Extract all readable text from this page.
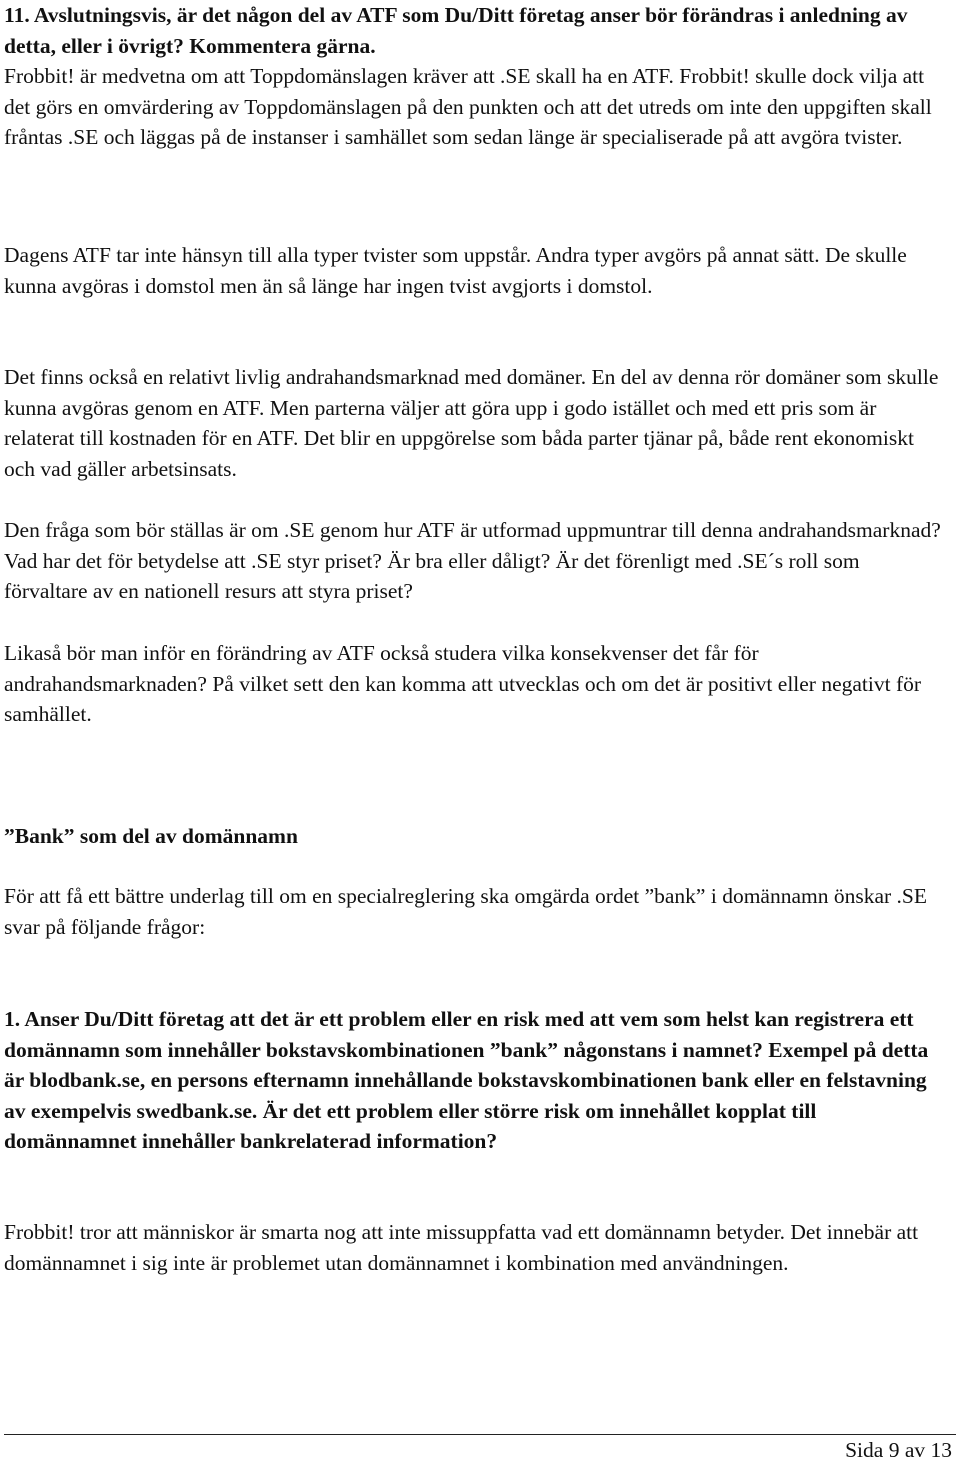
11. Avslutningsvis, är det någon del av ATF som Du/Ditt företag anser bör förändras i anledning av detta, eller i övrigt? Kommentera gärna.

Frobbit! är medvetna om att Toppdomänslagen kräver att .SE skall ha en ATF. Frobbit! skulle dock vilja att det görs en omvärdering av Toppdomänslagen på den punkten och att det utreds om inte den uppgiften skall fråntas .SE och läggas på de instanser i samhället som sedan länge är specialiserade på att avgöra tvister.

Dagens ATF tar inte hänsyn till alla typer tvister som uppstår. Andra typer avgörs på annat sätt. De skulle kunna avgöras i domstol men än så länge har ingen tvist avgjorts i domstol.

Det finns också en relativt livlig andrahandsmarknad med domäner. En del av denna rör domäner som skulle kunna avgöras genom en ATF. Men parterna väljer att göra upp i godo istället och med ett pris som är relaterat till kostnaden för en ATF. Det blir en uppgörelse som båda parter tjänar på, både rent ekonomiskt och vad gäller arbetsinsats.

Den fråga som bör ställas är om .SE genom hur ATF är utformad uppmuntrar till denna andrahandsmarknad? Vad har det för betydelse att .SE styr priset? Är bra eller dåligt? Är det förenligt med .SE´s roll som förvaltare av en nationell resurs att styra priset?

Likaså bör man inför en förändring av ATF också studera vilka konsekvenser det får för andrahandsmarknaden? På vilket sett den kan komma att utvecklas och om det är positivt eller negativt för samhället.

”Bank” som del av domännamn

För att få ett bättre underlag till om en specialreglering ska omgärda ordet ”bank” i domännamn önskar .SE svar på följande frågor:

1. Anser Du/Ditt företag att det är ett problem eller en risk med att vem som helst kan registrera ett domännamn som innehåller bokstavskombinationen ”bank” någonstans i namnet? Exempel på detta är blodbank.se, en persons efternamn innehållande bokstavskombinationen bank eller en felstavning av exempelvis swedbank.se. Är det ett problem eller större risk om innehållet kopplat till domännamnet innehåller bankrelaterad information?

Frobbit! tror att människor är smarta nog att inte missuppfatta vad ett domännamn betyder. Det innebär att domännamnet i sig inte är problemet utan domännamnet i kombination med användningen.

Sida 9 av 13
